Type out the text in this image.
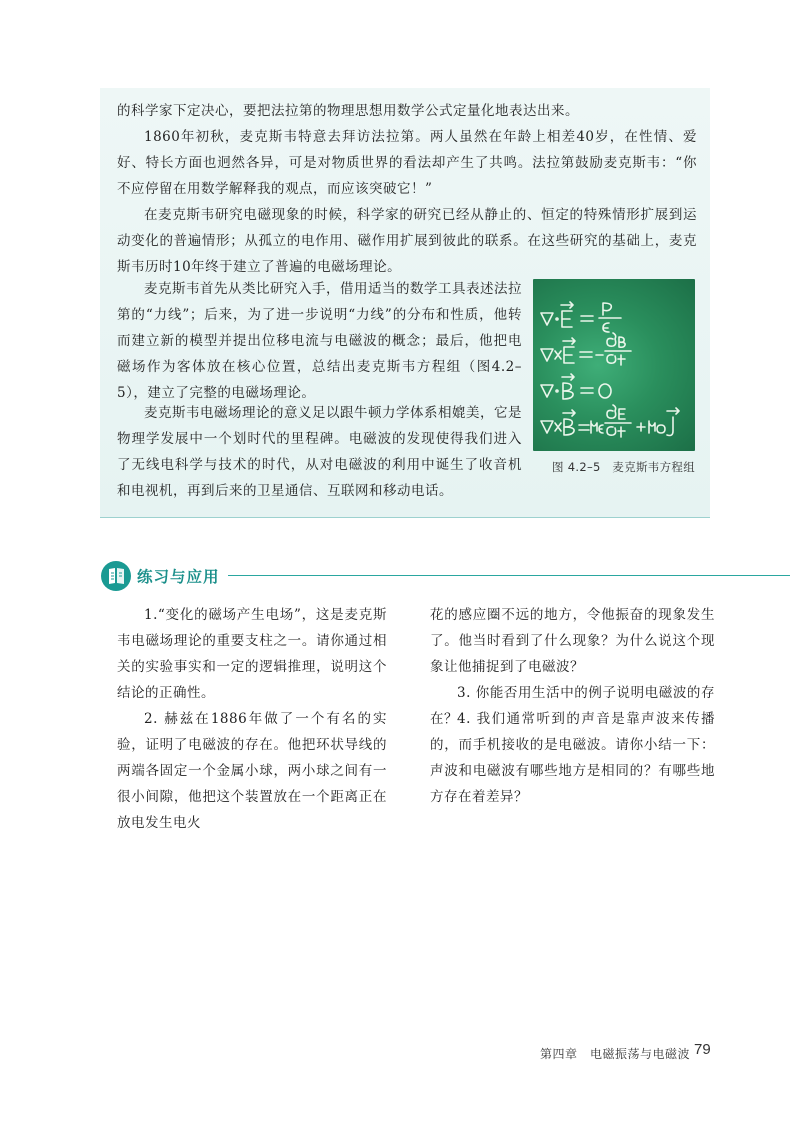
的科学家下定决心，要把法拉第的物理思想用数学公式定量化地表达出来。

1860年初秋，麦克斯韦特意去拜访法拉第。两人虽然在年龄上相差40岁，在性情、爱好、特长方面也迥然各异，可是对物质世界的看法却产生了共鸣。法拉第鼓励麦克斯韦：“你不应停留在用数学解释我的观点，而应该突破它！”

在麦克斯韦研究电磁现象的时候，科学家的研究已经从静止的、恒定的特殊情形扩展到运动变化的普遍情形；从孤立的电作用、磁作用扩展到彼此的联系。在这些研究的基础上，麦克斯韦历时10年终于建立了普遍的电磁场理论。

麦克斯韦首先从类比研究入手，借用适当的数学工具表述法拉第的“力线”；后来，为了进一步说明“力线”的分布和性质，他转而建立新的模型并提出位移电流与电磁波的概念；最后，他把电磁场作为客体放在核心位置，总结出麦克斯韦方程组（图4.2–5），建立了完整的电磁场理论。

麦克斯韦电磁场理论的意义足以跟牛顿力学体系相媲美，它是物理学发展中一个划时代的里程碑。电磁波的发现使得我们进入了无线电科学与技术的时代，从对电磁波的利用中诞生了收音机和电视机，再到后来的卫星通信、互联网和移动电话。

图 4.2–5　麦克斯韦方程组
练习与应用

1.“变化的磁场产生电场”，这是麦克斯韦电磁场理论的重要支柱之一。请你通过相关的实验事实和一定的逻辑推理，说明这个结论的正确性。

2. 赫兹在1886年做了一个有名的实验，证明了电磁波的存在。他把环状导线的两端各固定一个金属小球，两小球之间有一很小间隙，他把这个装置放在一个距离正在放电发生电火

花的感应圈不远的地方，令他振奋的现象发生了。他当时看到了什么现象？为什么说这个现象让他捕捉到了电磁波？

3. 你能否用生活中的例子说明电磁波的存在？ 4. 我们通常听到的声音是靠声波来传播的，而手机接收的是电磁波。请你小结一下：声波和电磁波有哪些地方是相同的？有哪些地方存在着差异？

第四章　电磁振荡与电磁波 79
